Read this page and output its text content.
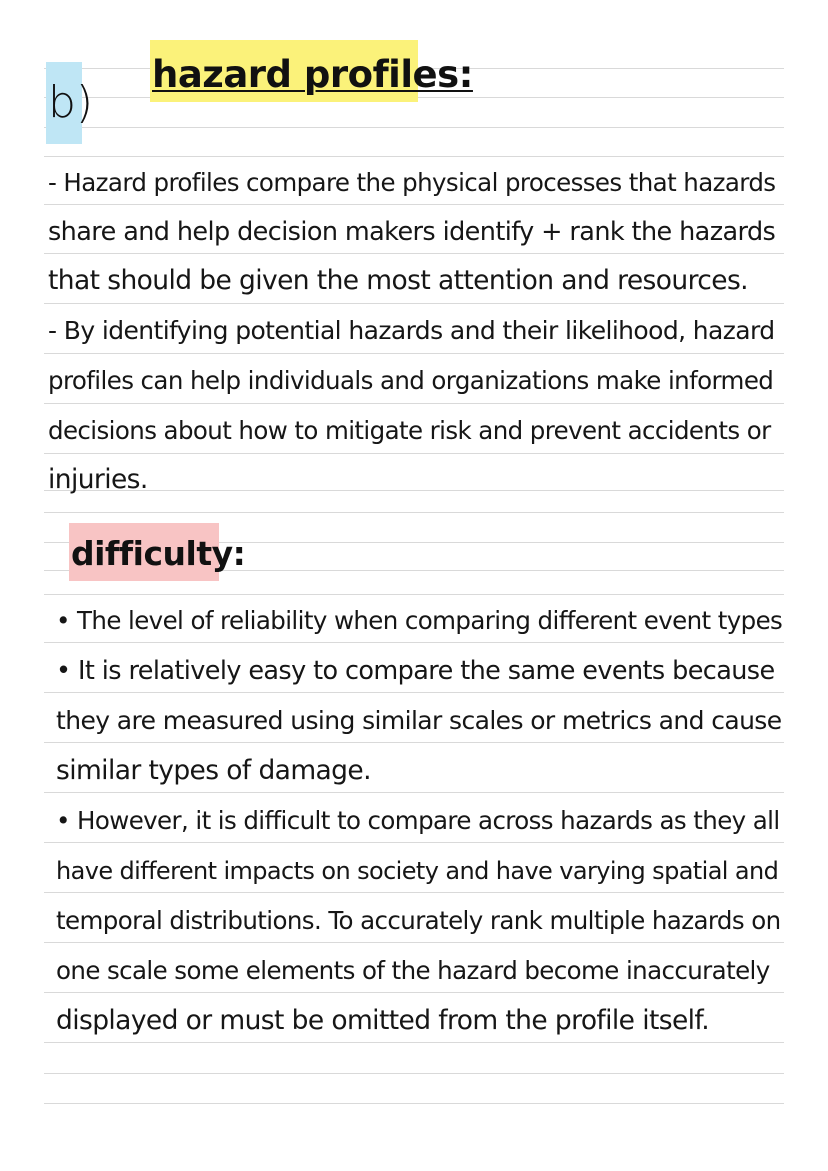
b)
hazard profiles:
- Hazard profiles compare the physical processes that hazards
share and help decision makers identify + rank the hazards
that should be given the most attention and resources.
- By identifying potential hazards and their likelihood, hazard
profiles can help individuals and organizations make informed
decisions about how to mitigate risk and prevent accidents or
injuries.
difficulty:
• The level of reliability when comparing different event types
• It is relatively easy to compare the same events because
they are measured using similar scales or metrics and cause
similar types of damage.
• However, it is difficult to compare across hazards as they all
have different impacts on society and have varying spatial and
temporal distributions. To accurately rank multiple hazards on
one scale some elements of the hazard become inaccurately
displayed or must be omitted from the profile itself.
